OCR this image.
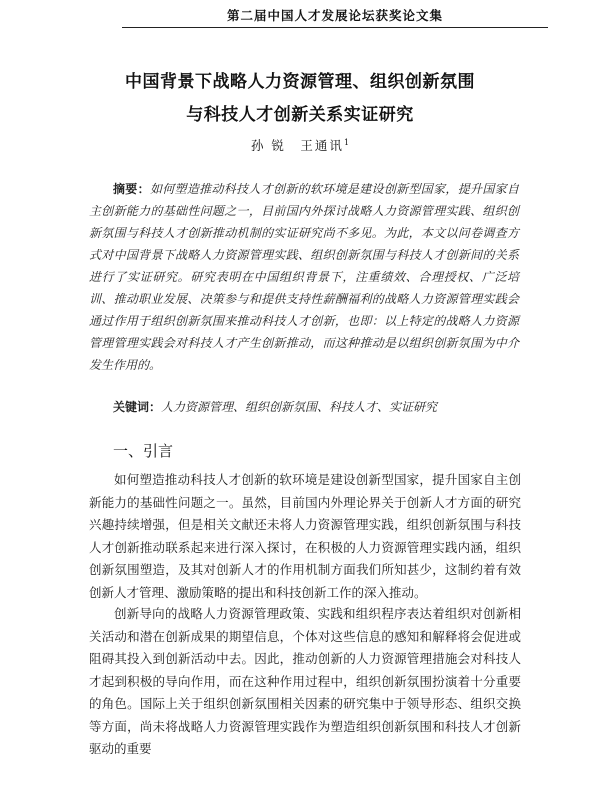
第二届中国人才发展论坛获奖论文集
中国背景下战略人力资源管理、组织创新氛围
与科技人才创新关系实证研究
孙 锐　王通讯$^1$
摘要：如何塑造推动科技人才创新的软环境是建设创新型国家，提升国家自主创新能力的基础性问题之一，目前国内外探讨战略人力资源管理实践、组织创新氛围与科技人才创新推动机制的实证研究尚不多见。为此，本文以问卷调查方式对中国背景下战略人力资源管理实践、组织创新氛围与科技人才创新间的关系进行了实证研究。研究表明在中国组织背景下，注重绩效、合理授权、广泛培训、推动职业发展、决策参与和提供支持性薪酬福利的战略人力资源管理实践会通过作用于组织创新氛围来推动科技人才创新，也即：以上特定的战略人力资源管理管理实践会对科技人才产生创新推动，而这种推动是以组织创新氛围为中介发生作用的。
关键词：人力资源管理、组织创新氛围、科技人才、实证研究
一、引言
如何塑造推动科技人才创新的软环境是建设创新型国家，提升国家自主创新能力的基础性问题之一。虽然，目前国内外理论界关于创新人才方面的研究兴趣持续增强，但是相关文献还未将人力资源管理实践，组织创新氛围与科技人才创新推动联系起来进行深入探讨，在积极的人力资源管理实践内涵，组织创新氛围塑造，及其对创新人才的作用机制方面我们所知甚少，这制约着有效创新人才管理、激励策略的提出和科技创新工作的深入推动。
创新导向的战略人力资源管理政策、实践和组织程序表达着组织对创新相关活动和潜在创新成果的期望信息，个体对这些信息的感知和解释将会促进或阻碍其投入到创新活动中去。因此，推动创新的人力资源管理措施会对科技人才起到积极的导向作用，而在这种作用过程中，组织创新氛围扮演着十分重要的角色。国际上关于组织创新氛围相关因素的研究集中于领导形态、组织交换等方面，尚未将战略人力资源管理实践作为塑造组织创新氛围和科技人才创新驱动的重要
